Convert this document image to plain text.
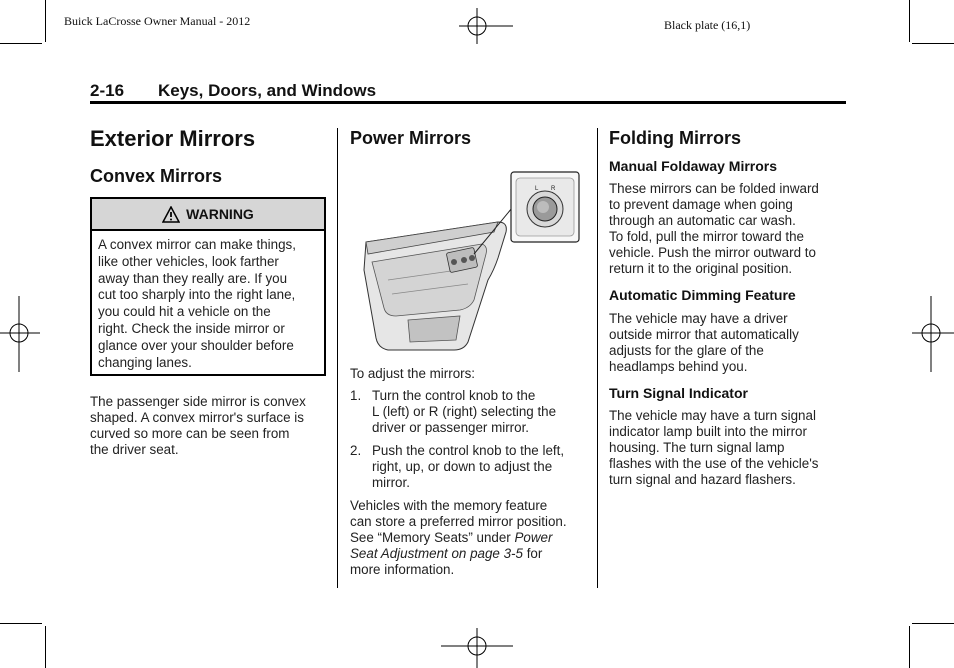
Buick LaCrosse Owner Manual - 2012	Black plate (16,1)
2-16 Keys, Doors, and Windows
Exterior Mirrors
Convex Mirrors
WARNING

A convex mirror can make things,
like other vehicles, look farther
away than they really are. If you
cut too sharply into the right lane,
you could hit a vehicle on the
right. Check the inside mirror or
glance over your shoulder before
changing lanes.

The passenger side mirror is convex
shaped. A convex mirror's surface is
curved so more can be seen from
the driver seat.

Power Mirrors
L R

To adjust the mirrors:

1. Turn the control knob to the
L (left) or R (right) selecting the
driver or passenger mirror.
2. Push the control knob to the left,
right, up, or down to adjust the
mirror.

Vehicles with the memory feature
can store a preferred mirror position.
See “Memory Seats” under Power
Seat Adjustment on page 3-5 for
more information.

Folding Mirrors
Manual Foldaway Mirrors

These mirrors can be folded inward
to prevent damage when going
through an automatic car wash.
To fold, pull the mirror toward the
vehicle. Push the mirror outward to
return it to the original position.

Automatic Dimming Feature

The vehicle may have a driver
outside mirror that automatically
adjusts for the glare of the
headlamps behind you.

Turn Signal Indicator

The vehicle may have a turn signal
indicator lamp built into the mirror
housing. The turn signal lamp
flashes with the use of the vehicle's
turn signal and hazard flashers.
